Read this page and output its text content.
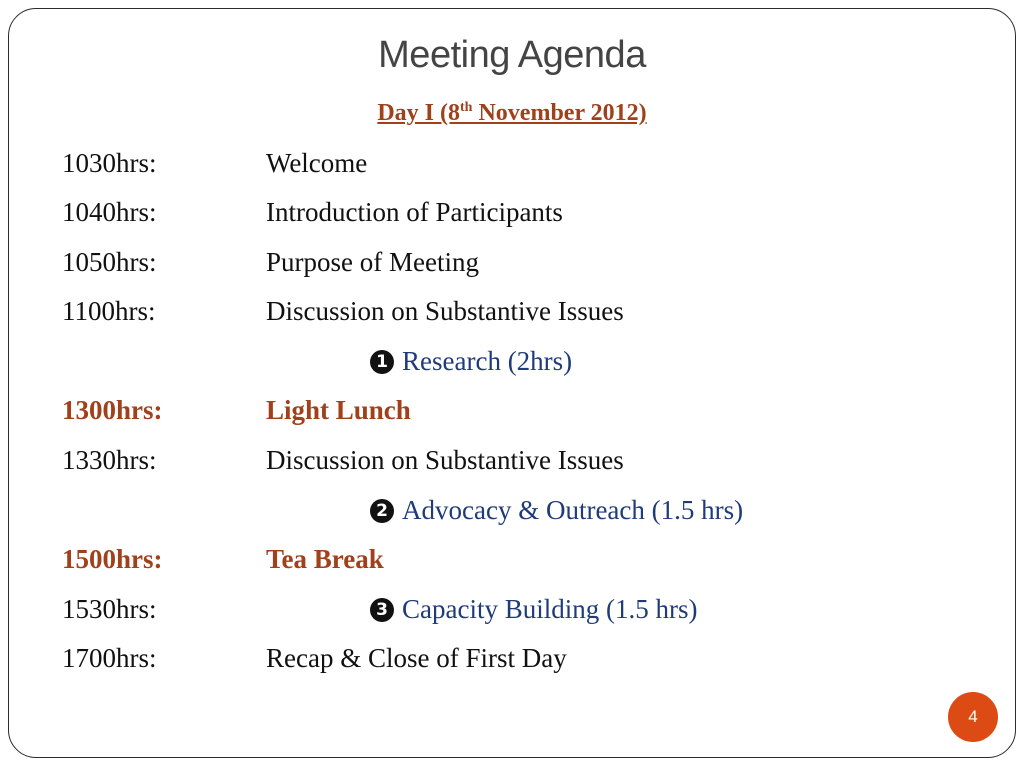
Meeting Agenda
Day I (8th November 2012)
1030hrs:	Welcome
1040hrs:	Introduction of Participants
1050hrs:	Purpose of Meeting
1100hrs:	Discussion on Substantive Issues
1 Research (2hrs)
1300hrs:	Light Lunch
1330hrs:	Discussion on Substantive Issues
2 Advocacy & Outreach (1.5 hrs)
1500hrs:	Tea Break
1530hrs:	3 Capacity Building (1.5 hrs)
1700hrs:	Recap & Close of First Day
4
